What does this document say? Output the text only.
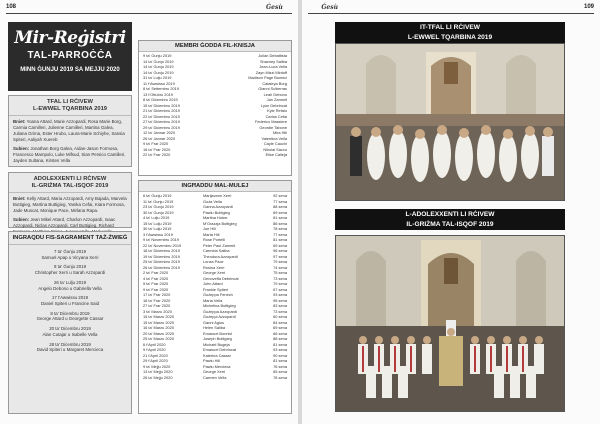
108	Ġesù
Mir-Reġistri
TAL-PARROĊĊA
MINN ĠUNJU 2019 SA MEJJU 2020
TFAL LI RĊIVEW
L-EWWEL TQARBINA 2019
Bniet: Yoana Attard, Marie Azzopardi, Rosa Marie Borg, Carmia Camilleri, Julienne Camilleri, Martina Galea, Juliana Grima, Ester Hrubo, Laura-Marie Schiyhe, Sansia Spiteri, Aaliyah Xuereb
Subien: Jonathan Borg Galea, Aidan-Jason Formosa, Francesco Mampolo, Luke Mifsud, Sian Persico Camilleri, Jayden Sultana, Kirsten Vella
ADOLEXXENTI LI RĊIVEW
IL-GRIŻMA TAL-ISQOF 2019
Bniet: Kelly Attard, Maria Azzopardi, Amy Bajada, Marvela Buttigieg, Martina Buttigieg, Yanika Cefai, Kiara Formosa, Jade Muscat, Monique Pace, Mirlana Rapa.
Subien: Jean Mikel Attard, Charlon Azzopardi, Isaac Azzopardi, Niclas Azzopardi, Carl Buttigieg, Richard
INGRAQDU FIS-SAGRAMENT TAŻ-ŻWIEĠ
7 ta' Ġunju 2019
Samuel Apap u Vicyana Xerri
8 ta' Ġunju 2019
Christopher Xerri u Sarah Azzopardi
26 ta' Lulju 2019
Angelo Debono u Gabriella Vella
17 t'Awwissu 2019
Daniel Spiteri u Francine Said
8 ta' Diċembru 2019
George Attard u Georgette Cassar
20 ta' Diċembru 2019
Alan Cutajar u Isabelle Vella
28 ta' Diċembru 2019
David Spiteri u Margaret Mercieca
MEMBRI ĠODDA FIL-KNISJA
9 ta' Ġunju 2019	Julian Debattista
14 ta' Ġunju 2019	Shazney Saliba
14 ta' Ġunju 2019	Jean-Luca Vella
14 ta' Ġunju 2019	Zayn Mizzi Mintoff
31 ta' Lulju 2019	Madison Page Bonnici
11 t'Awwissu 2019	Cataleya Borg
8 ta' Settembru 2019	Gianni Sciberras
13 t'Ottubru 2019	Leah Debono
8 ta' Diċembru 2019	Jan Zammit
15 ta' Diċembru 2019	Lyon Debrincat
21 ta' Diċembru 2019	Kyle Refalo
22 ta' Diċembru 2019	Carlos Cefai
27 ta' Diċembru 2019	Federico Massiere
29 ta' Diċembru 2019	Geordie Tabone
12 ta' Jannar 2020	Mira Hili
26 ta' Jannar 2020	Valentina Vella
9 ta' Frar 2020	Cayle Cauchi
16 ta' Frar 2020	Nikolai Sacco
22 ta' Frar 2020	Elise Calleja
INGĦADDU MAL-MULEJ
6 ta' Ġunju 2019	Marijavann Xerri	92 sena
11 ta' Ġunju 2019	Ġuża Vella	77 sena
23 ta' Ġunju 2019	Ganna Azzopardi	88 sena
30 ta' Ġunju 2019	Pawlu Buttigieg	69 sena
4 ta' Lulju 2019	Martina Huber	81 sena
15 ta' Lulju 2019	M'Grazzja Buttigieg	86 sena
30 ta' Lulju 2019	Joe Hili	78 sena
3 t'Awwissu 2019	Marta Hili	77 sena
9 ta' Novembru 2019	Rose Portelli	81 sena
22 ta' Novembru 2019	Peter Paul Zammit	69 sena
18 ta' Diċembru 2019	Carmela Saliba	96 sena
19 ta' Diċembru 2019	Theodora Azzopardi	97 sena
25 ta' Diċembru 2019	Lonza Pace	79 sena
26 ta' Diċembru 2019	Rosina Xerri	74 sena
2 ta' Frar 2020	George Xerri	75 sena
4 ta' Frar 2020	Genoveffa Debrincat	73 sena
5 ta' Frar 2020	John Attard	79 sena
9 ta' Frar 2020	Frankie Spiteri	67 sena
17 ta' Frar 2020	Ġużeppa Fenech	93 sena
18 ta' Frar 2020	Maria Vella	95 sena
27 ta' Frar 2020	Michelina Buttigieg	83 sena
3 ta' Marzu 2020	Ġużeppa Azzopardi	73 sena
15 ta' Marzu 2020	Ġużeppi Azzopardi	60 sena
15 ta' Marzu 2020	Ganni Agius	84 sena
16 ta' Marzu 2020	Helen Saliba	69 sena
20 ta' Marzu 2020	Emanuel Bonnici	66 sena
25 ta' Marzu 2020	Joseph Buttigieg	88 sena
6 t'April 2020	Michael Bugeja	81 sena
9 t'April 2020	Emanuel Debrincat	93 sena
21 t'April 2020	Katerina Cassar	90 sena
29 t'April 2020	Pawlu Hili	81 sena
9 ta' Mejju 2020	Pawlu Mercieca	76 sena
13 ta' Mejju 2020	George Xerri	65 sena
26 ta' Mejju 2020	Carmen Vella	78 sena
109
Ġesù
IT-TFAL LI RĊIVEW
L-EWWEL TQARBINA 2019
L-ADOLEXXENTI LI RĊIVEW
IL-GRIŻMA TAL-ISQOF 2019
